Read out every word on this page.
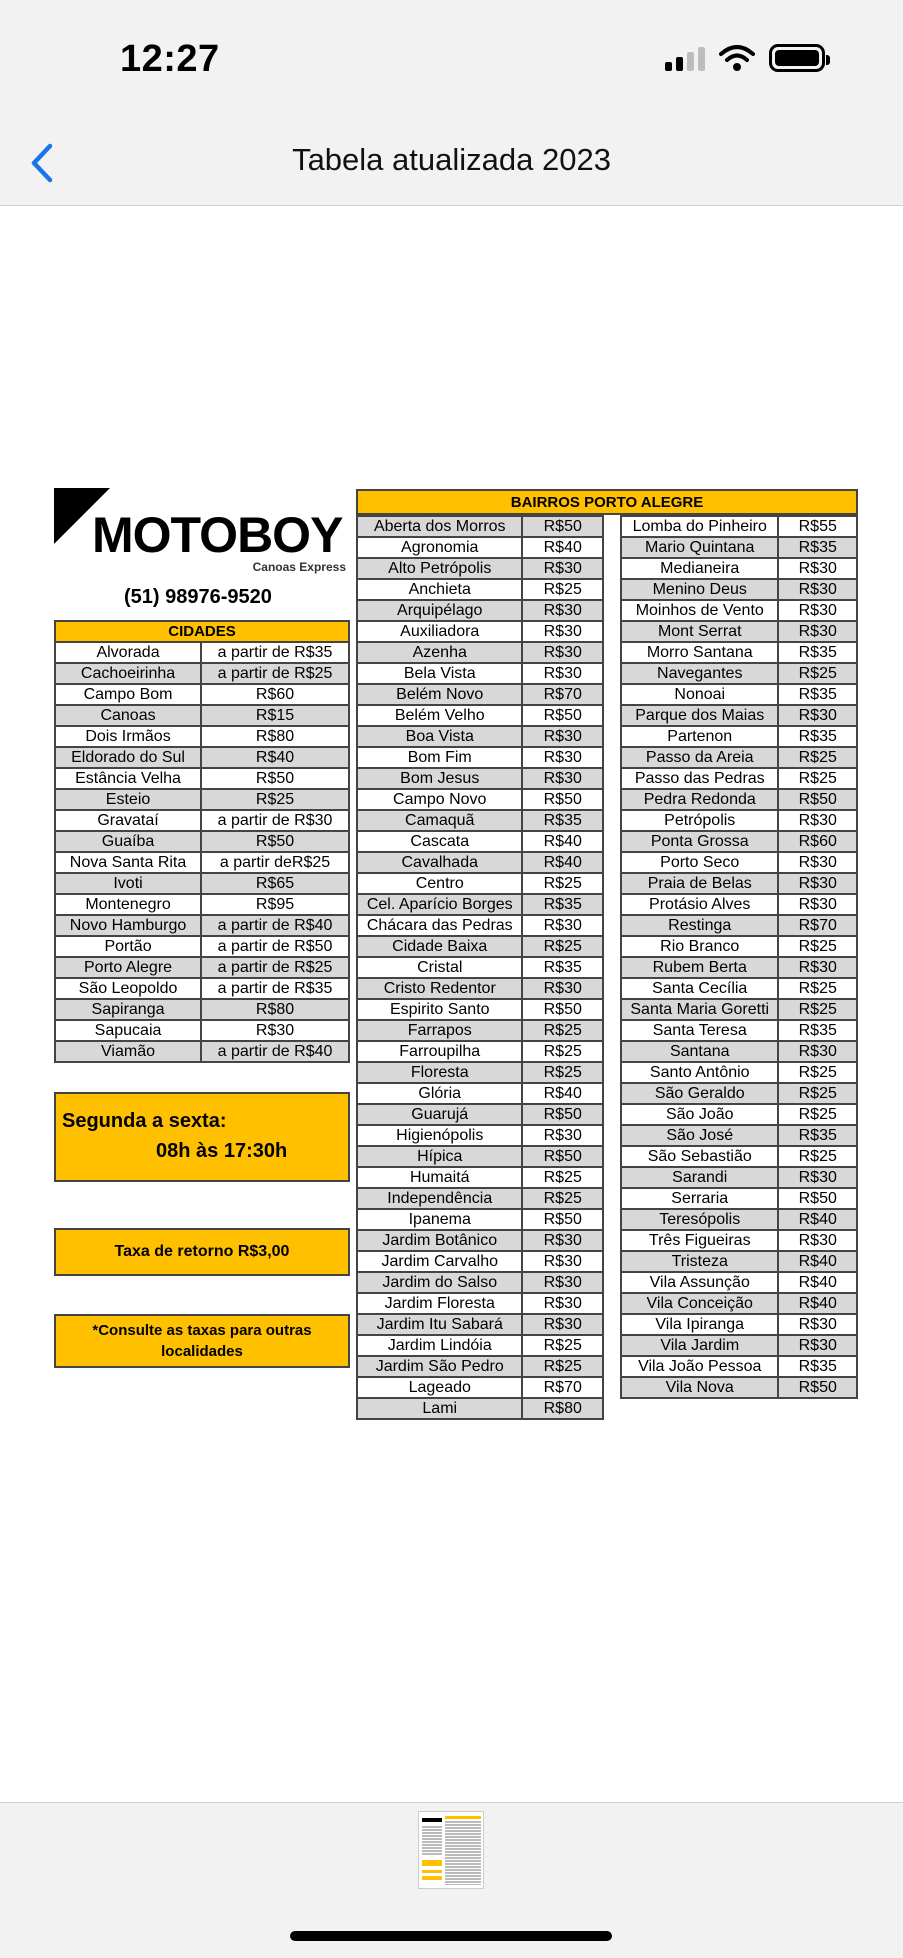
12:27
Tabela atualizada 2023
MOTOBOY
Canoas Express
(51) 98976-9520
CIDADES	
Alvorada	a partir de R$35
Cachoeirinha	a partir de R$25
Campo Bom	R$60
Canoas	R$15
Dois Irmãos	R$80
Eldorado do Sul	R$40
Estância Velha	R$50
Esteio	R$25
Gravataí	a partir de R$30
Guaíba	R$50
Nova Santa Rita	a partir deR$25
Ivoti	R$65
Montenegro	R$95
Novo Hamburgo	a partir de R$40
Portão	a partir de R$50
Porto Alegre	a partir de R$25
São Leopoldo	a partir de R$35
Sapiranga	R$80
Sapucaia	R$30
Viamão	a partir de R$40
Segunda a sexta:
08h às 17:30h
Taxa de retorno R$3,00
*Consulte as taxas para outras localidades
BAIRROS PORTO ALEGRE
Aberta dos Morros	R$50
Agronomia	R$40
Alto Petrópolis	R$30
Anchieta	R$25
Arquipélago	R$30
Auxiliadora	R$30
Azenha	R$30
Bela Vista	R$30
Belém Novo	R$70
Belém Velho	R$50
Boa Vista	R$30
Bom Fim	R$30
Bom Jesus	R$30
Campo Novo	R$50
Camaquã	R$35
Cascata	R$40
Cavalhada	R$40
Centro	R$25
Cel. Aparício Borges	R$35
Chácara das Pedras	R$30
Cidade Baixa	R$25
Cristal	R$35
Cristo Redentor	R$30
Espirito Santo	R$50
Farrapos	R$25
Farroupilha	R$25
Floresta	R$25
Glória	R$40
Guarujá	R$50
Higienópolis	R$30
Hípica	R$50
Humaitá	R$25
Independência	R$25
Ipanema	R$50
Jardim Botânico	R$30
Jardim Carvalho	R$30
Jardim do Salso	R$30
Jardim Floresta	R$30
Jardim Itu Sabará	R$30
Jardim Lindóia	R$25
Jardim São Pedro	R$25
Lageado	R$70
Lami	R$80
Lomba do Pinheiro	R$55
Mario Quintana	R$35
Medianeira	R$30
Menino Deus	R$30
Moinhos de Vento	R$30
Mont Serrat	R$30
Morro Santana	R$35
Navegantes	R$25
Nonoai	R$35
Parque dos Maias	R$30
Partenon	R$35
Passo da Areia	R$25
Passo das Pedras	R$25
Pedra Redonda	R$50
Petrópolis	R$30
Ponta Grossa	R$60
Porto Seco	R$30
Praia de Belas	R$30
Protásio Alves	R$30
Restinga	R$70
Rio Branco	R$25
Rubem Berta	R$30
Santa Cecília	R$25
Santa Maria Goretti	R$25
Santa Teresa	R$35
Santana	R$30
Santo Antônio	R$25
São Geraldo	R$25
São João	R$25
São José	R$35
São Sebastião	R$25
Sarandi	R$30
Serraria	R$50
Teresópolis	R$40
Três Figueiras	R$30
Tristeza	R$40
Vila Assunção	R$40
Vila Conceição	R$40
Vila Ipiranga	R$30
Vila Jardim	R$30
Vila João Pessoa	R$35
Vila Nova	R$50
